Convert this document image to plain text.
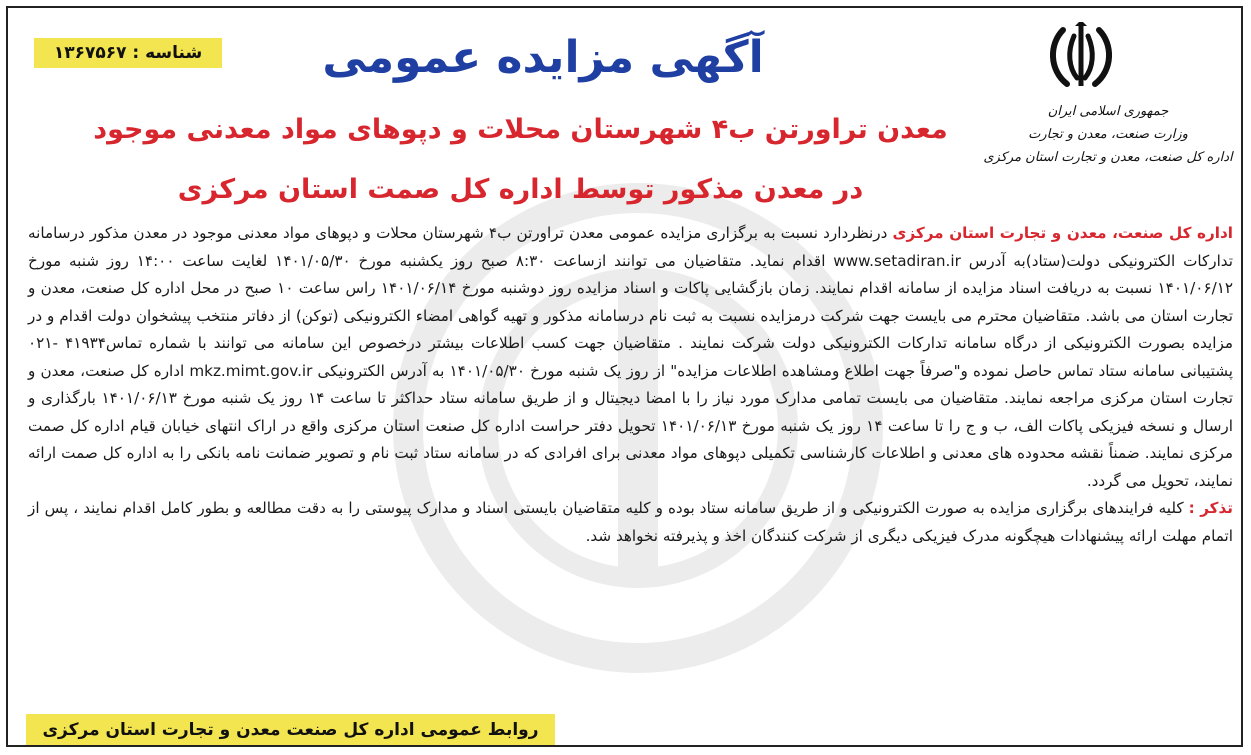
جمهوری اسلامی ایران
وزارت صنعت، معدن و تجارت
اداره کل صنعت، معدن و تجارت استان مرکزی
شناسه : ۱۳۶۷۵۶۷	آگهی مزایده عمومی
معدن تراورتن ب۴ شهرستان محلات و دپوهای مواد معدنی موجود
در معدن مذکور توسط اداره کل صمت استان مرکزی
اداره کل صنعت، معدن و تجارت استان مرکزی درنظردارد نسبت به برگزاری مزایده عمومی معدن تراورتن ب۴ شهرستان محلات و دپوهای مواد معدنی موجود در معدن مذکور درسامانه تدارکات الکترونیکی دولت(ستاد)به آدرس www.setadiran.ir اقدام نماید. متقاضیان می توانند ازساعت ۸:۳۰ صبح روز یکشنبه مورخ ۱۴۰۱/۰۵/۳۰ لغایت ساعت ۱۴:۰۰ روز شنبه مورخ ۱۴۰۱/۰۶/۱۲ نسبت به دریافت اسناد مزایده از سامانه اقدام نمایند. زمان بازگشایی پاکات و اسناد مزایده روز دوشنبه مورخ ۱۴۰۱/۰۶/۱۴ راس ساعت ۱۰ صبح در محل اداره کل صنعت، معدن و تجارت استان می باشد. متقاضیان محترم می بایست جهت شرکت درمزایده نسبت به ثبت نام درسامانه مذکور و تهیه گواهی امضاء الکترونیکی (توکن) از دفاتر منتخب پیشخوان دولت اقدام و در مزایده بصورت الکترونیکی از درگاه سامانه تدارکات الکترونیکی دولت شرکت نمایند . متقاضیان جهت کسب اطلاعات بیشتر درخصوص این سامانه می توانند با شماره تماس۴۱۹۳۴ -۰۲۱ پشتیبانی سامانه ستاد تماس حاصل نموده و"صرفاً جهت اطلاع ومشاهده اطلاعات مزایده" از روز یک شنبه مورخ ۱۴۰۱/۰۵/۳۰ به آدرس الکترونیکی mkz.mimt.gov.ir اداره کل صنعت، معدن و تجارت استان مرکزی مراجعه نمایند. متقاضیان می بایست تمامی مدارک مورد نیاز را با امضا دیجیتال و از طریق سامانه ستاد حداکثر تا ساعت ۱۴ روز یک شنبه مورخ ۱۴۰۱/۰۶/۱۳ بارگذاری و ارسال و نسخه فیزیکی پاکات الف، ب و ج را تا ساعت ۱۴ روز یک شنبه مورخ ۱۴۰۱/۰۶/۱۳ تحویل دفتر حراست اداره کل صنعت استان مرکزی واقع در اراک انتهای خیابان قیام اداره کل صمت مرکزی نمایند. ضمناً نقشه محدوده های معدنی و اطلاعات کارشناسی تکمیلی دپوهای مواد معدنی برای افرادی که در سامانه ستاد ثبت نام و تصویر ضمانت نامه بانکی را به اداره کل صمت ارائه نمایند، تحویل می گردد.
تذکر : کلیه فرایندهای برگزاری مزایده به صورت الکترونیکی و از طریق سامانه ستاد بوده و کلیه متقاضیان بایستی اسناد و مدارک پیوستی را به دقت مطالعه و بطور کامل اقدام نمایند ، پس از اتمام مهلت ارائه پیشنهادات هیچگونه مدرک فیزیکی دیگری از شرکت کنندگان اخذ و پذیرفته نخواهد شد.
روابط عمومی اداره کل صنعت معدن و تجارت استان مرکزی
